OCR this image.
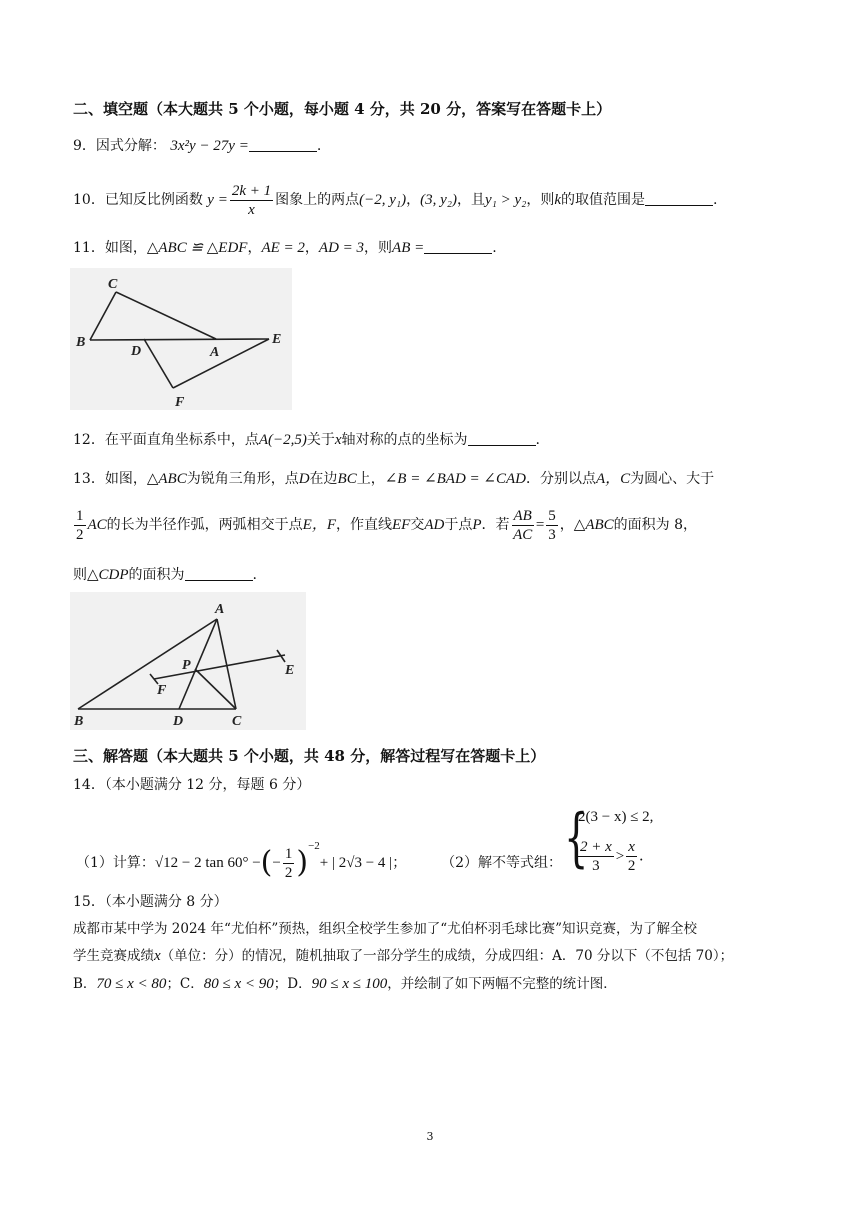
二、填空题（本大题共 5 个小题，每小题 4 分，共 20 分，答案写在答题卡上）
9．因式分解： 3x²y − 27y =	.
10．已知反比例函数 $y = \frac{2k + 1}{x}$ 图象上的两点(−2, y₁)，(3, y₂)，且y₁ > y₂，则k的取值范围是	.
11．如图，△ABC ≌ △EDF，AE = 2，AD = 3，则AB =	.
C
B
D	A
E
F
12．在平面直角坐标系中，点A(−2,5)关于x轴对称的点的坐标为	.
13．如图，△ABC为锐角三角形，点D在边BC上，∠B = ∠BAD = ∠CAD．分别以点A，C为圆心、大于
$\frac{1}{2}$ AC的长为半径作弧，两弧相交于点E，F，作直线EF交AD于点P．若 $\frac{AB}{AC} = \frac{5}{3}$ ，△ABC的面积为 8，
则△CDP的面积为	.
A
P	E
F
B	D	C
三、解答题（本大题共 5 个小题，共 48 分，解答过程写在答题卡上）
14．（本小题满分 12 分，每题 6 分）
（1）计算：√12 − 2 tan 60° −(− $\frac{1}{2} )^{-2}+$ | 2√3 − 4 |； （2）解不等式组： {
2(3 − x) ≤ 2,
$\frac{2 + x}{3} > \frac{x}{2}$ .
15．（本小题满分 8 分）
成都市某中学为 2024 年“尤伯杯”预热，组织全校学生参加了“尤伯杯羽毛球比赛”知识竞赛，为了解全校
学生竞赛成绩x（单位：分）的情况，随机抽取了一部分学生的成绩，分成四组：A．70 分以下（不包括 70）；
B．70 ≤ x < 80；C．80 ≤ x < 90；D．90 ≤ x ≤ 100，并绘制了如下两幅不完整的统计图．
3
